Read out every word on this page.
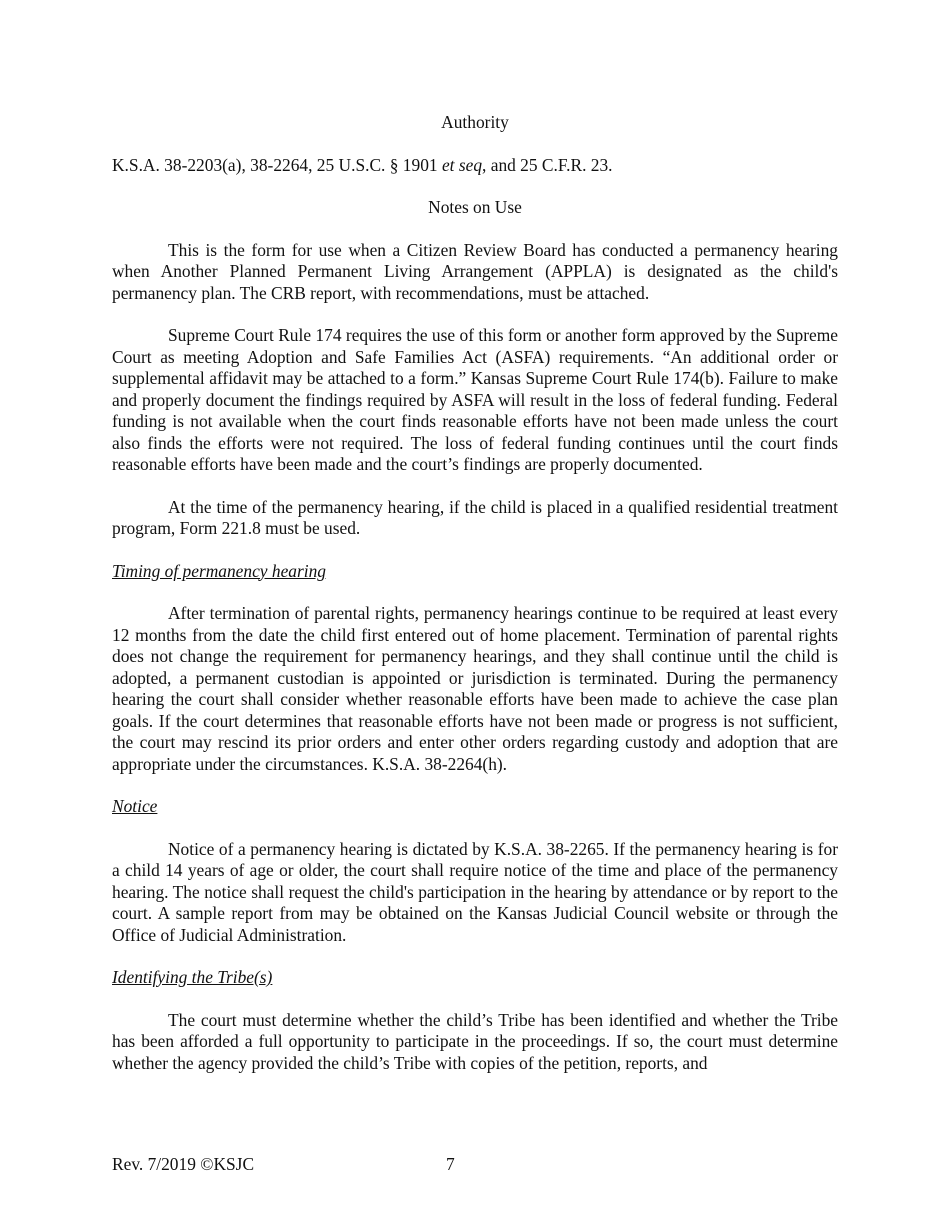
Authority

K.S.A. 38-2203(a), 38-2264, 25 U.S.C. § 1901 et seq, and 25 C.F.R. 23.

Notes on Use

This is the form for use when a Citizen Review Board has conducted a permanency hearing when Another Planned Permanent Living Arrangement (APPLA) is designated as the child's permanency plan. The CRB report, with recommendations, must be attached.

Supreme Court Rule 174 requires the use of this form or another form approved by the Supreme Court as meeting Adoption and Safe Families Act (ASFA) requirements. “An additional order or supplemental affidavit may be attached to a form.” Kansas Supreme Court Rule 174(b). Failure to make and properly document the findings required by ASFA will result in the loss of federal funding. Federal funding is not available when the court finds reasonable efforts have not been made unless the court also finds the efforts were not required. The loss of federal funding continues until the court finds reasonable efforts have been made and the court’s findings are properly documented.

At the time of the permanency hearing, if the child is placed in a qualified residential treatment program, Form 221.8 must be used.

Timing of permanency hearing

After termination of parental rights, permanency hearings continue to be required at least every 12 months from the date the child first entered out of home placement. Termination of parental rights does not change the requirement for permanency hearings, and they shall continue until the child is adopted, a permanent custodian is appointed or jurisdiction is terminated. During the permanency hearing the court shall consider whether reasonable efforts have been made to achieve the case plan goals. If the court determines that reasonable efforts have not been made or progress is not sufficient, the court may rescind its prior orders and enter other orders regarding custody and adoption that are appropriate under the circumstances. K.S.A. 38-2264(h).

Notice

Notice of a permanency hearing is dictated by K.S.A. 38-2265. If the permanency hearing is for a child 14 years of age or older, the court shall require notice of the time and place of the permanency hearing. The notice shall request the child's participation in the hearing by attendance or by report to the court. A sample report from may be obtained on the Kansas Judicial Council website or through the Office of Judicial Administration.

Identifying the Tribe(s)

The court must determine whether the child’s Tribe has been identified and whether the Tribe has been afforded a full opportunity to participate in the proceedings. If so, the court must determine whether the agency provided the child’s Tribe with copies of the petition, reports, and

Rev. 7/2019 ©KSJC	7
